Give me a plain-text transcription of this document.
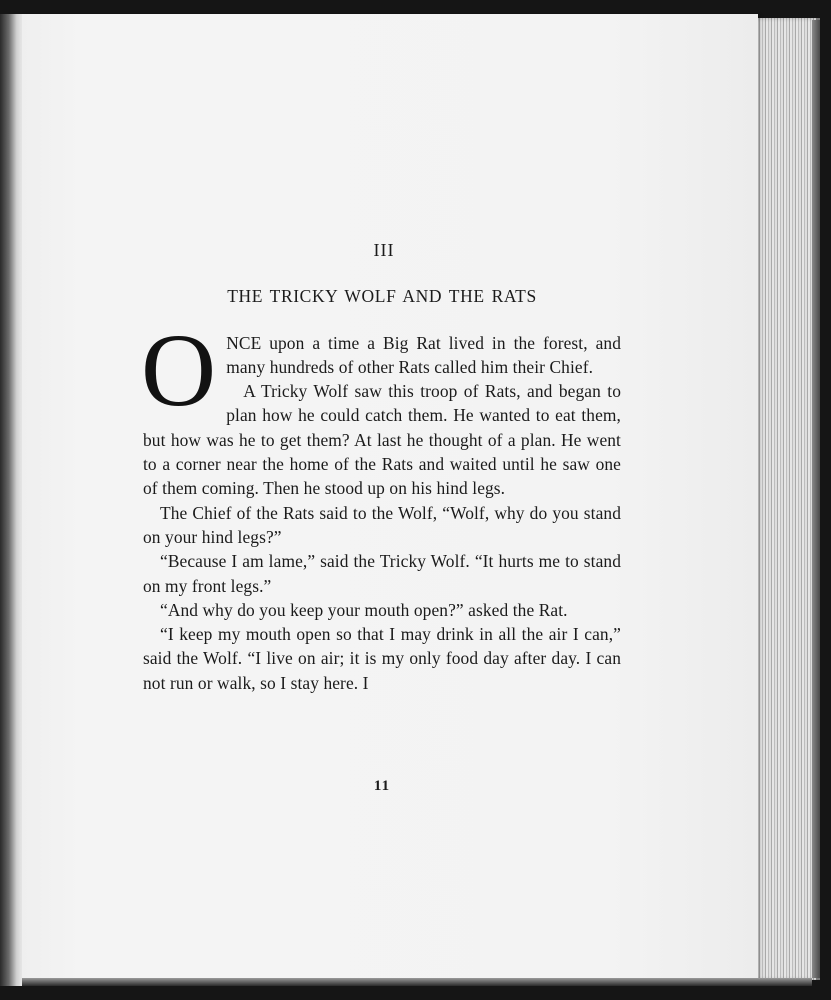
III
THE TRICKY WOLF AND THE RATS

ONCE upon a time a Big Rat lived in the forest, and many hundreds of other Rats called him their Chief.

A Tricky Wolf saw this troop of Rats, and began to plan how he could catch them. He wanted to eat them, but how was he to get them? At last he thought of a plan. He went to a corner near the home of the Rats and waited until he saw one of them coming. Then he stood up on his hind legs.

The Chief of the Rats said to the Wolf, “Wolf, why do you stand on your hind legs?”

“Because I am lame,” said the Tricky Wolf. “It hurts me to stand on my front legs.”

“And why do you keep your mouth open?” asked the Rat.

“I keep my mouth open so that I may drink in all the air I can,” said the Wolf. “I live on air; it is my only food day after day. I can not run or walk, so I stay here. I

11
